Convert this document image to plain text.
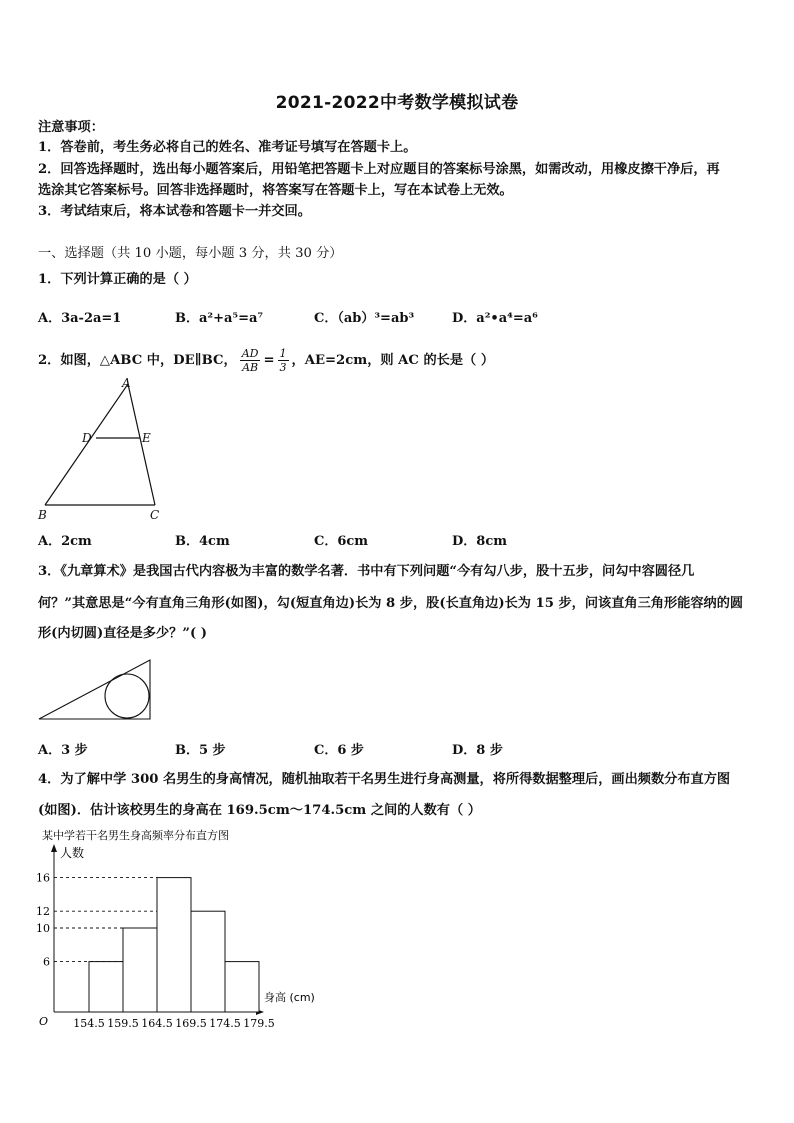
2021-2022中考数学模拟试卷
注意事项：
1．答卷前，考生务必将自己的姓名、准考证号填写在答题卡上。
2．回答选择题时，选出每小题答案后，用铅笔把答题卡上对应题目的答案标号涂黑，如需改动，用橡皮擦干净后，再
选涂其它答案标号。回答非选择题时，将答案写在答题卡上，写在本试卷上无效。
3．考试结束后，将本试卷和答题卡一并交回。
一、选择题（共 10 小题，每小题 3 分，共 30 分）
1．下列计算正确的是（ ）
A．3a-2a=1	B．a²+a⁵=a⁷	C．（ab）³=ab³	D．a²•a⁴=a⁶
2．如图，△ABC 中，DE∥BC， $\frac{AD}{AB} = \frac{1}{3}$ ，AE=2cm，则 AC 的长是（ ）
A
D	E
B	C
A．2cm	B．4cm	C．6cm	D．8cm
3．《九章算术》是我国古代内容极为丰富的数学名著．书中有下列问题“今有勾八步，股十五步，问勾中容圆径几
何？”其意思是“今有直角三角形(如图)，勾(短直角边)长为 8 步，股(长直角边)长为 15 步，问该直角三角形能容纳的圆
形(内切圆)直径是多少？”( )
A．3 步	B．5 步	C．6 步	D．8 步
4．为了解中学 300 名男生的身高情况，随机抽取若干名男生进行身高测量，将所得数据整理后，画出频数分布直方图
(如图)．估计该校男生的身高在 169.5cm～174.5cm 之间的人数有（ ）
某中学若干名男生身高频率分布直方图
人数
身高 (cm)
O
6
10
12
16
154.5 159.5 164.5 169.5 174.5 179.5
